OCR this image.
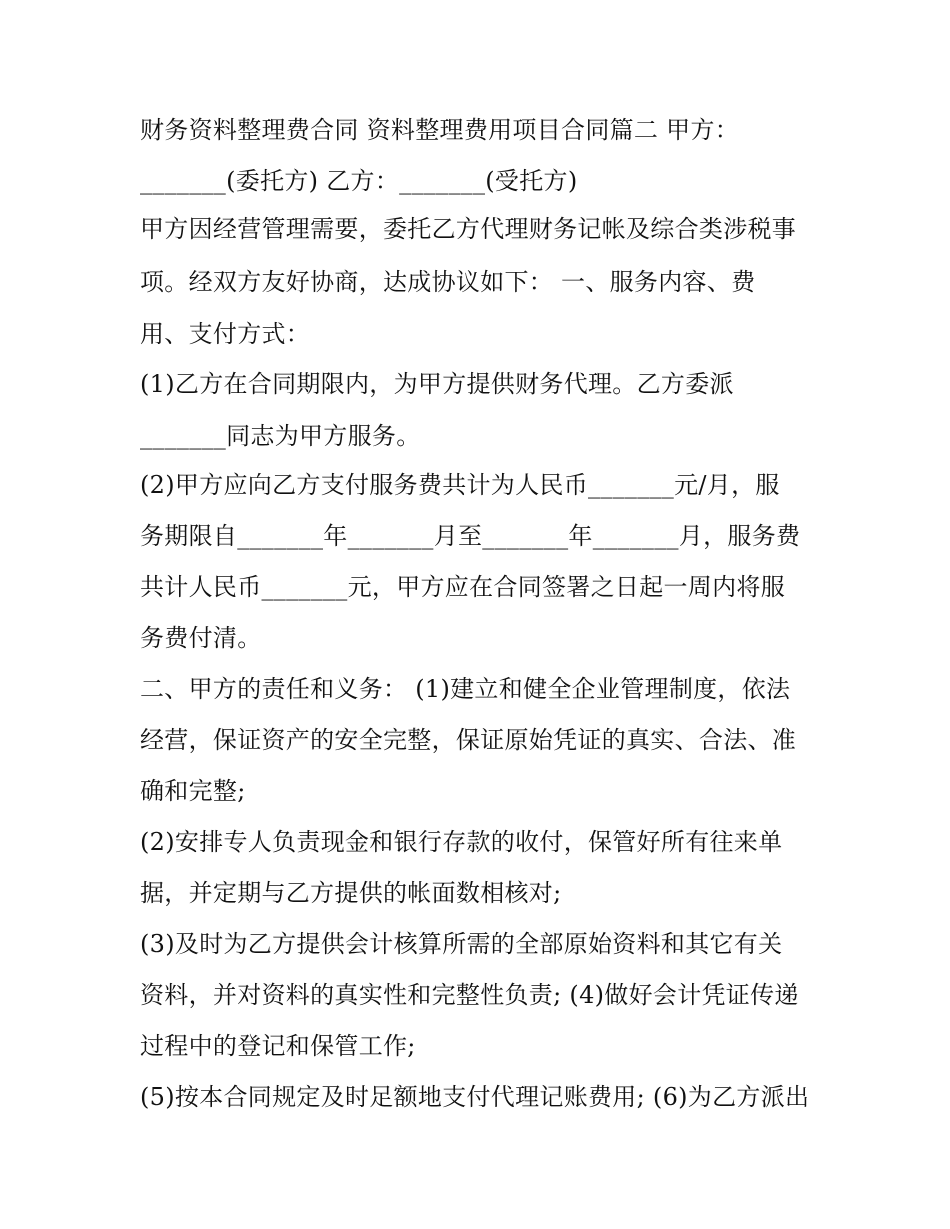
财务资料整理费合同 资料整理费用项目合同篇二 甲方：
_______(委托方) 乙方：_______(受托方)
甲方因经营管理需要，委托乙方代理财务记帐及综合类涉税事
项。经双方友好协商，达成协议如下： 一、服务内容、费
用、支付方式：
(1)乙方在合同期限内，为甲方提供财务代理。乙方委派
_______同志为甲方服务。
(2)甲方应向乙方支付服务费共计为人民币_______元/月，服
务期限自_______年_______月至_______年_______月，服务费
共计人民币_______元，甲方应在合同签署之日起一周内将服
务费付清。
二、甲方的责任和义务： (1)建立和健全企业管理制度，依法
经营，保证资产的安全完整，保证原始凭证的真实、合法、准
确和完整;
(2)安排专人负责现金和银行存款的收付，保管好所有往来单
据，并定期与乙方提供的帐面数相核对;
(3)及时为乙方提供会计核算所需的全部原始资料和其它有关
资料，并对资料的真实性和完整性负责; (4)做好会计凭证传递
过程中的登记和保管工作;
(5)按本合同规定及时足额地支付代理记账费用; (6)为乙方派出
